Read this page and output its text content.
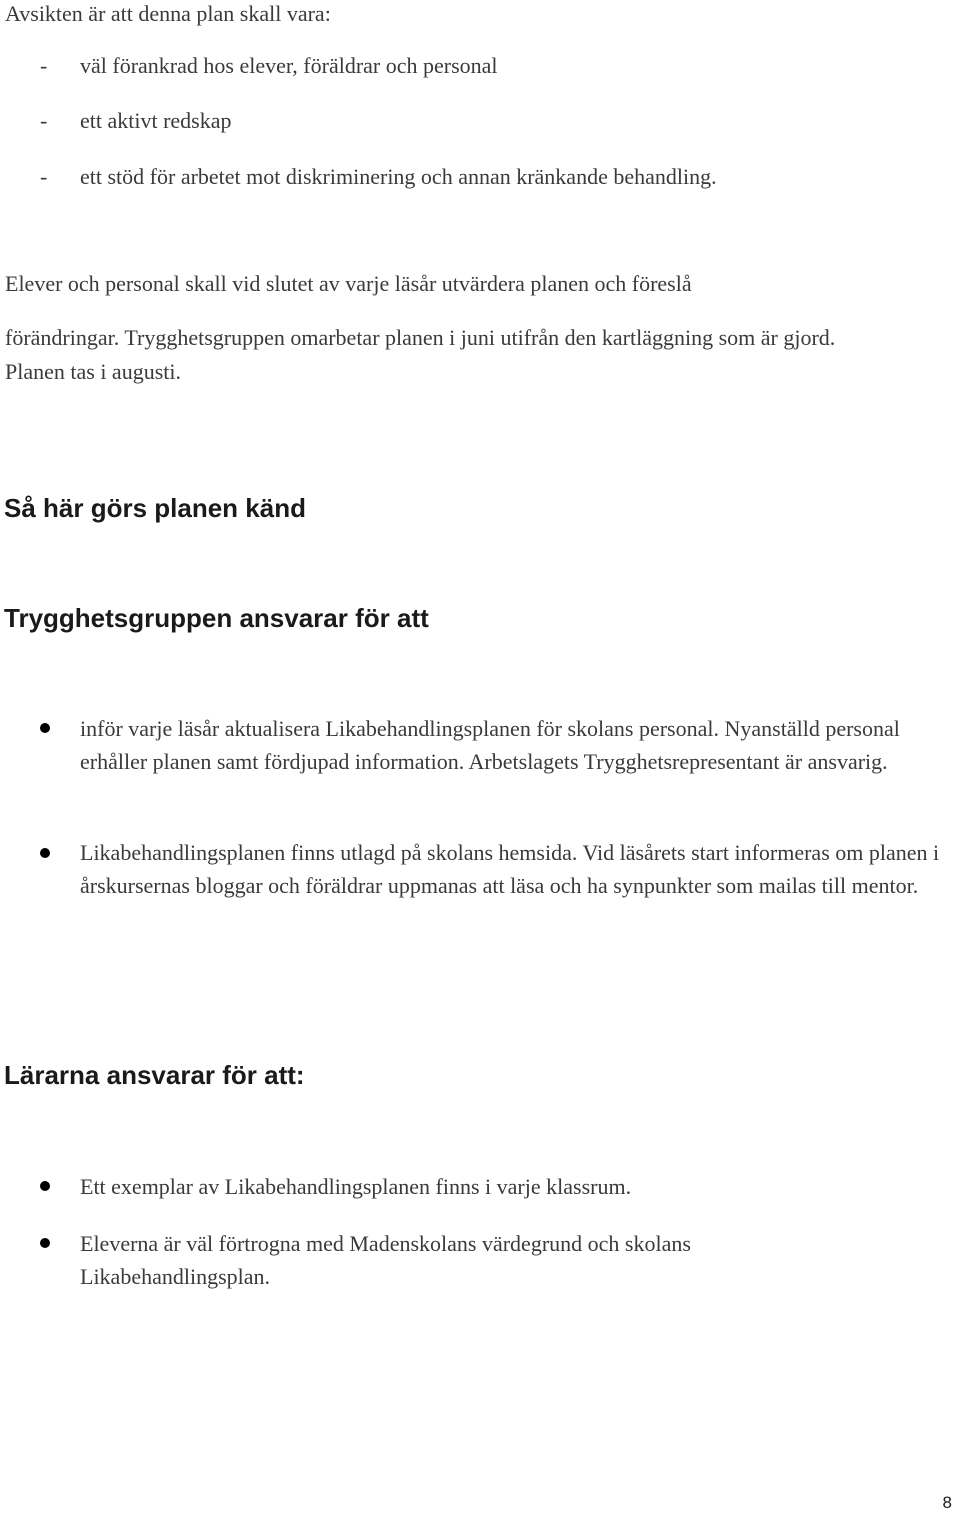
Avsikten är att denna plan skall vara:
- väl förankrad hos elever, föräldrar och personal
- ett aktivt redskap
- ett stöd för arbetet mot diskriminering och annan kränkande behandling.
Elever och personal skall vid slutet av varje läsår utvärdera planen och föreslå
förändringar. Trygghetsgruppen omarbetar planen i juni utifrån den kartläggning som är gjord.
Planen tas i augusti.
Så här görs planen känd
Trygghetsgruppen ansvarar för att
inför varje läsår aktualisera Likabehandlingsplanen för skolans personal. Nyanställd personal erhåller planen samt fördjupad information. Arbetslagets Trygghetsrepresentant är ansvarig.
Likabehandlingsplanen finns utlagd på skolans hemsida. Vid läsårets start informeras om planen i årskursernas bloggar och föräldrar uppmanas att läsa och ha synpunkter som mailas till mentor.
Lärarna ansvarar för att:
Ett exemplar av Likabehandlingsplanen finns i varje klassrum.
Eleverna är väl förtrogna med Madenskolans värdegrund och skolans Likabehandlingsplan.
8
